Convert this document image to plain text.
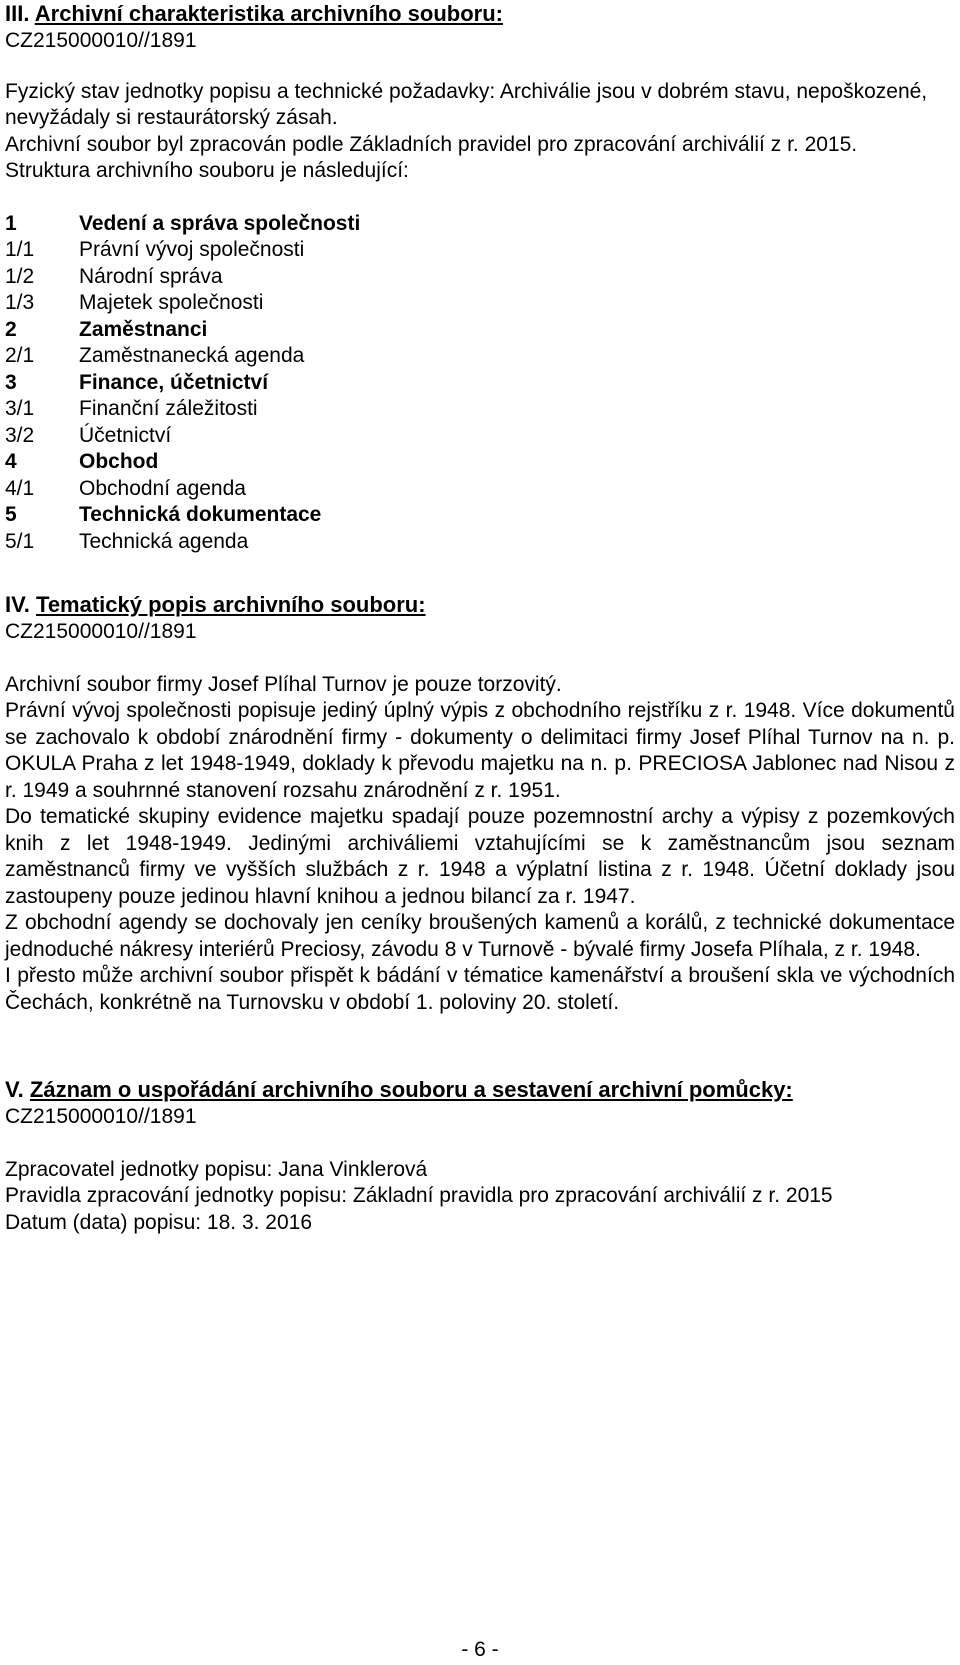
III. Archivní charakteristika archivního souboru:

CZ215000010//1891

Fyzický stav jednotky popisu a technické požadavky: Archiválie jsou v dobrém stavu, nepoškozené, nevyžádaly si restaurátorský zásah.

Archivní soubor byl zpracován podle Základních pravidel pro zpracování archiválií z r. 2015.

Struktura archivního souboru je následující:

1	Vedení a správa společnosti
1/1	Právní vývoj společnosti
1/2	Národní správa
1/3	Majetek společnosti
2	Zaměstnanci
2/1	Zaměstnanecká agenda
3	Finance, účetnictví
3/1	Finanční záležitosti
3/2	Účetnictví
4	Obchod
4/1	Obchodní agenda
5	Technická dokumentace
5/1	Technická agenda
IV. Tematický popis archivního souboru:

CZ215000010//1891

Archivní soubor firmy Josef Plíhal Turnov je pouze torzovitý.

Právní vývoj společnosti popisuje jediný úplný výpis z obchodního rejstříku z r. 1948. Více dokumentů se zachovalo k období znárodnění firmy - dokumenty o delimitaci firmy Josef Plíhal Turnov na n. p. OKULA Praha z let 1948-1949, doklady k převodu majetku na n. p. PRECIOSA Jablonec nad Nisou z r. 1949 a souhrnné stanovení rozsahu znárodnění z r. 1951.

Do tematické skupiny evidence majetku spadají pouze pozemnostní archy a výpisy z pozemkových knih z let 1948-1949. Jedinými archiváliemi vztahujícími se k zaměstnancům jsou seznam zaměstnanců firmy ve vyšších službách z r. 1948 a výplatní listina z r. 1948. Účetní doklady jsou zastoupeny pouze jedinou hlavní knihou a jednou bilancí za r. 1947.

Z obchodní agendy se dochovaly jen ceníky broušených kamenů a korálů, z technické dokumentace jednoduché nákresy interiérů Preciosy, závodu 8 v Turnově - bývalé firmy Josefa Plíhala, z r. 1948.

I přesto může archivní soubor přispět k bádání v tématice kamenářství a broušení skla ve východních Čechách, konkrétně na Turnovsku v období 1. poloviny 20. století.

V. Záznam o uspořádání archivního souboru a sestavení archivní pomůcky:

CZ215000010//1891

Zpracovatel jednotky popisu: Jana Vinklerová

Pravidla zpracování jednotky popisu: Základní pravidla pro zpracování archiválií z r. 2015

Datum (data) popisu: 18. 3. 2016

- 6 -
